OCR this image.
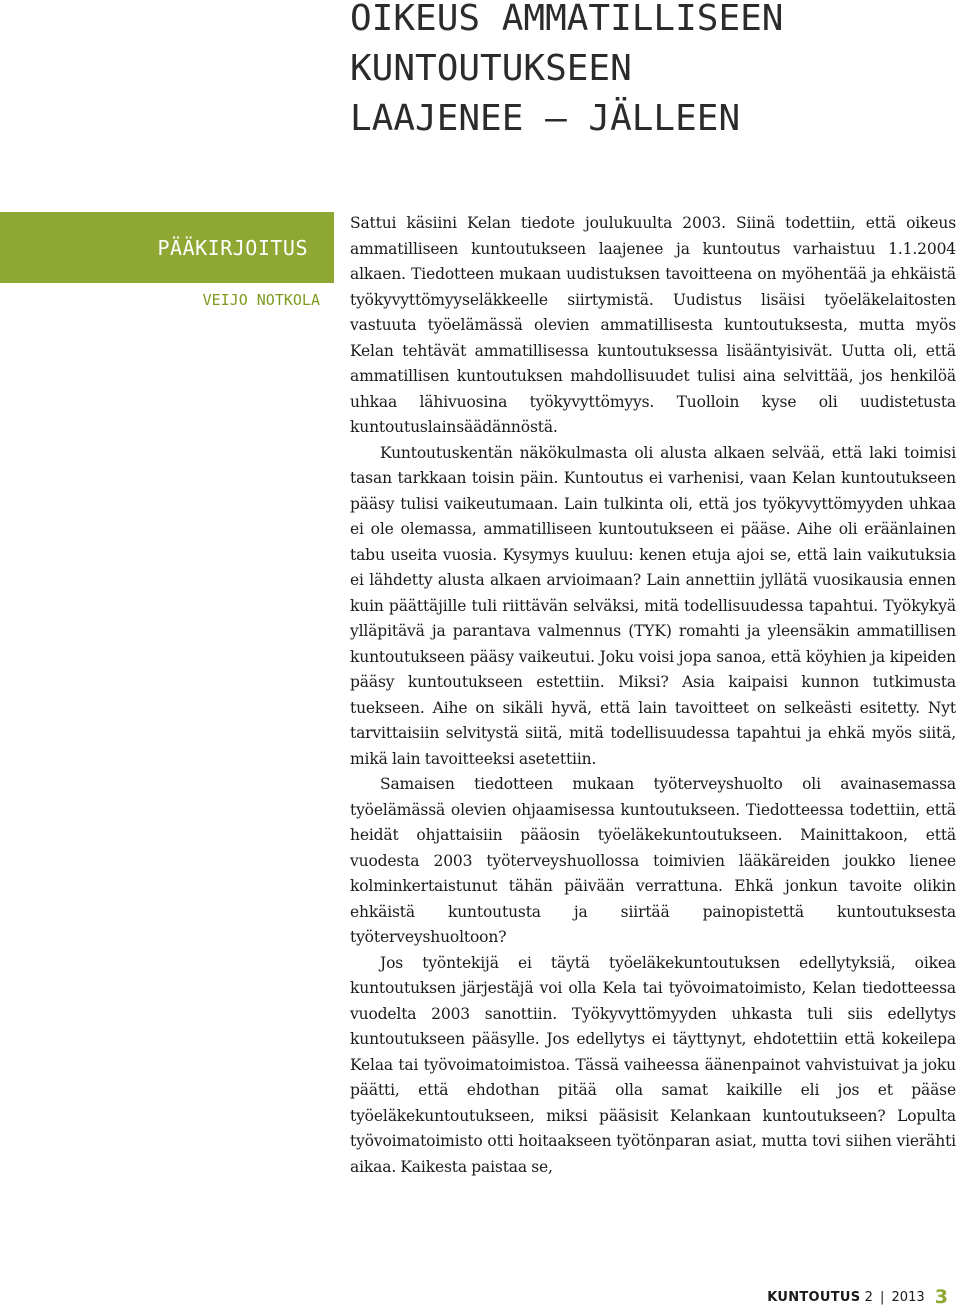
OIKEUS AMMATILLISEEN
KUNTOUTUKSEEN
LAAJENEE – JÄLLEEN
PÄÄKIRJOITUS
VEIJO NOTKOLA

Sattui käsiini Kelan tiedote joulukuulta 2003. Siinä todettiin, että oikeus ammatilliseen kuntoutukseen laajenee ja kuntoutus varhaistuu 1.1.2004 alkaen. Tiedotteen mukaan uudistuksen tavoitteena on myöhentää ja ehkäistä työkyvyttömyyseläkkeelle siirtymistä. Uudistus lisäisi työeläkelaitosten vastuuta työelämässä olevien ammatillisesta kuntoutuksesta, mutta myös Kelan tehtävät ammatillisessa kuntoutuksessa lisääntyisivät. Uutta oli, että ammatillisen kuntoutuksen mahdollisuudet tulisi aina selvittää, jos henkilöä uhkaa lähivuosina työkyvyttömyys. Tuolloin kyse oli uudistetusta kuntoutuslainsäädännöstä.

Kuntoutuskentän näkökulmasta oli alusta alkaen selvää, että laki toimisi tasan tarkkaan toisin päin. Kuntoutus ei varhenisi, vaan Kelan kuntoutukseen pääsy tulisi vaikeutumaan. Lain tulkinta oli, että jos työkyvyttömyyden uhkaa ei ole olemassa, ammatilliseen kuntoutukseen ei pääse. Aihe oli eräänlainen tabu useita vuosia. Kysymys kuuluu: kenen etuja ajoi se, että lain vaikutuksia ei lähdetty alusta alkaen arvioimaan? Lain annettiin jyllätä vuosikausia ennen kuin päättäjille tuli riittävän selväksi, mitä todellisuudessa tapahtui. Työkykyä ylläpitävä ja parantava valmennus (TYK) romahti ja yleensäkin ammatillisen kuntoutukseen pääsy vaikeutui. Joku voisi jopa sanoa, että köyhien ja kipeiden pääsy kuntoutukseen estettiin. Miksi? Asia kaipaisi kunnon tutkimusta tuekseen. Aihe on sikäli hyvä, että lain tavoitteet on selkeästi esitetty. Nyt tarvittaisiin selvitystä siitä, mitä todellisuudessa tapahtui ja ehkä myös siitä, mikä lain tavoitteeksi asetettiin.

Samaisen tiedotteen mukaan työterveyshuolto oli avainasemassa työelämässä olevien ohjaamisessa kuntoutukseen. Tiedotteessa todettiin, että heidät ohjattaisiin pääosin työeläkekuntoutukseen. Mainittakoon, että vuodesta 2003 työterveyshuollossa toimivien lääkäreiden joukko lienee kolminkertaistunut tähän päivään verrattuna. Ehkä jonkun tavoite olikin ehkäistä kuntoutusta ja siirtää painopistettä kuntoutuksesta työterveyshuoltoon?

Jos työntekijä ei täytä työeläkekuntoutuksen edellytyksiä, oikea kuntoutuksen järjestäjä voi olla Kela tai työvoimatoimisto, Kelan tiedotteessa vuodelta 2003 sanottiin. Työkyvyttömyyden uhkasta tuli siis edellytys kuntoutukseen pääsylle. Jos edellytys ei täyttynyt, ehdotettiin että kokeilepa Kelaa tai työvoimatoimistoa. Tässä vaiheessa äänenpainot vahvistuivat ja joku päätti, että ehdothan pitää olla samat kaikille eli jos et pääse työeläkekuntoutukseen, miksi pääsisit Kelankaan kuntoutukseen? Lopulta työvoimatoimisto otti hoitaakseen työtönparan asiat, mutta tovi siihen vierähti aikaa. Kaikesta paistaa se,

KUNTOUTUS 2 | 2013 3
